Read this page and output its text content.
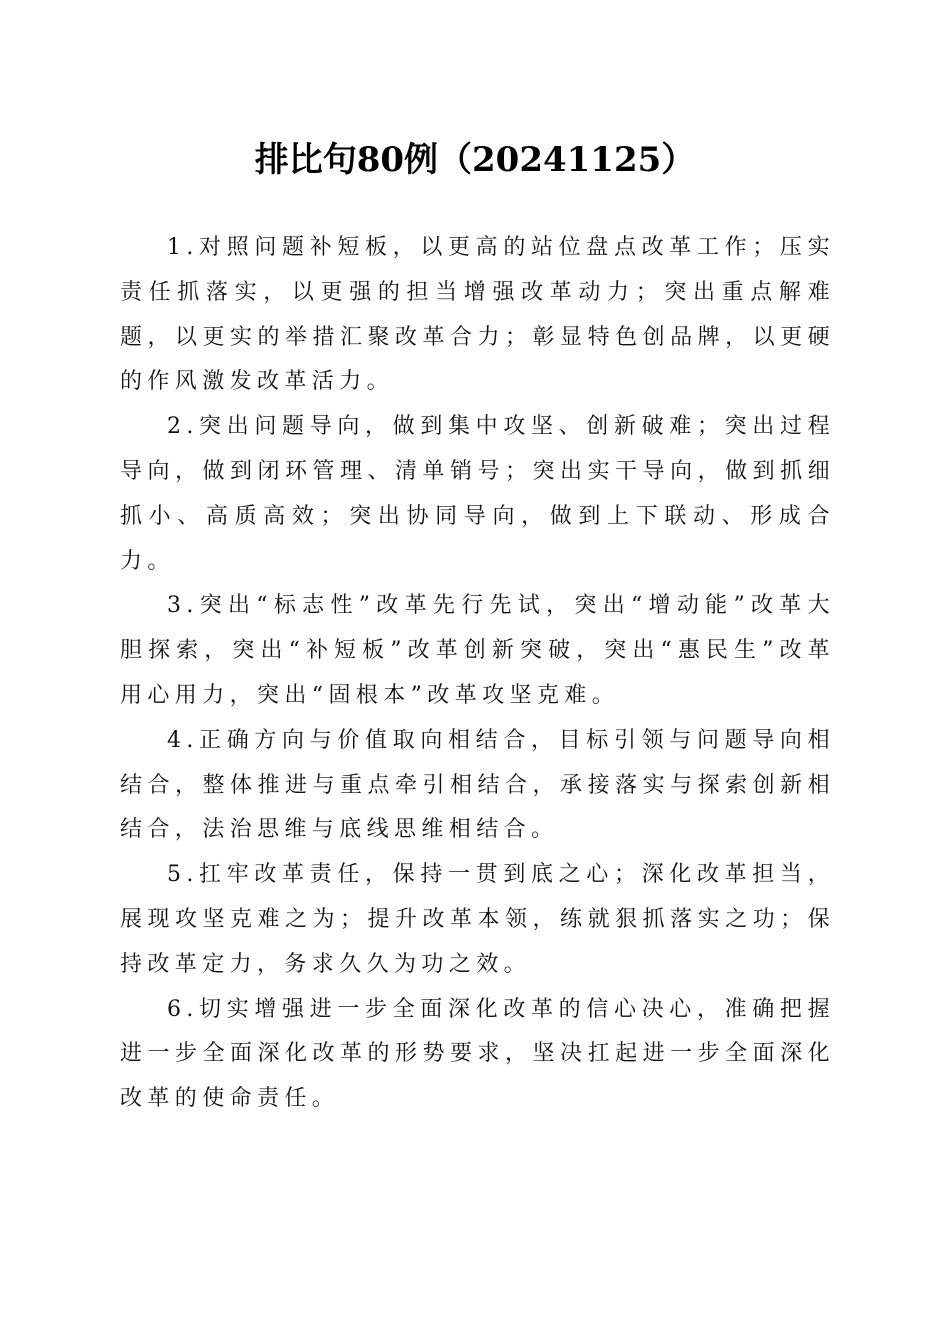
排比句80例（20241125）

1.对照问题补短板，以更高的站位盘点改革工作；压实责任抓落实，以更强的担当增强改革动力；突出重点解难题，以更实的举措汇聚改革合力；彰显特色创品牌，以更硬的作风激发改革活力。

2.突出问题导向，做到集中攻坚、创新破难；突出过程导向，做到闭环管理、清单销号；突出实干导向，做到抓细抓小、高质高效；突出协同导向，做到上下联动、形成合力。

3.突出“标志性”改革先行先试，突出“增动能”改革大胆探索，突出“补短板”改革创新突破，突出“惠民生”改革用心用力，突出“固根本”改革攻坚克难。

4.正确方向与价值取向相结合，目标引领与问题导向相结合，整体推进与重点牵引相结合，承接落实与探索创新相结合，法治思维与底线思维相结合。

5.扛牢改革责任，保持一贯到底之心；深化改革担当，展现攻坚克难之为；提升改革本领，练就狠抓落实之功；保持改革定力，务求久久为功之效。

6.切实增强进一步全面深化改革的信心决心，准确把握进一步全面深化改革的形势要求，坚决扛起进一步全面深化改革的使命责任。
